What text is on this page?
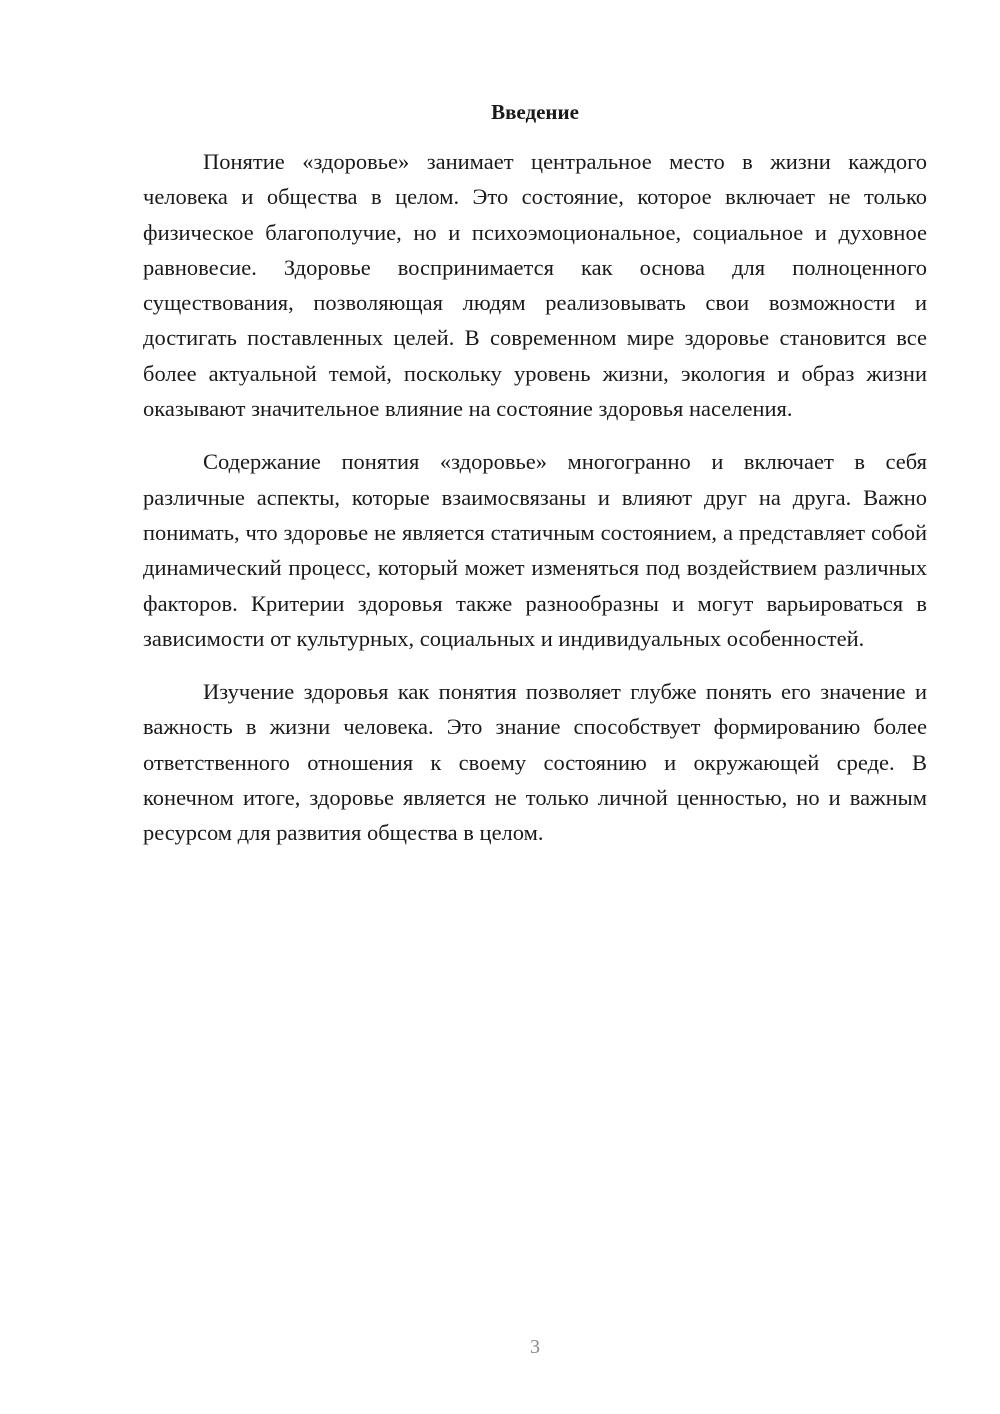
Введение

Понятие «здоровье» занимает центральное место в жизни каждого человека и общества в целом. Это состояние, которое включает не только физическое благополучие, но и психоэмоциональное, социальное и духовное равновесие. Здоровье воспринимается как основа для полноценного существования, позволяющая людям реализовывать свои возможности и достигать поставленных целей. В современном мире здоровье становится все более актуальной темой, поскольку уровень жизни, экология и образ жизни оказывают значительное влияние на состояние здоровья населения.

Содержание понятия «здоровье» многогранно и включает в себя различные аспекты, которые взаимосвязаны и влияют друг на друга. Важно понимать, что здоровье не является статичным состоянием, а представляет собой динамический процесс, который может изменяться под воздействием различных факторов. Критерии здоровья также разнообразны и могут варьироваться в зависимости от культурных, социальных и индивидуальных особенностей.

Изучение здоровья как понятия позволяет глубже понять его значение и важность в жизни человека. Это знание способствует формированию более ответственного отношения к своему состоянию и окружающей среде. В конечном итоге, здоровье является не только личной ценностью, но и важным ресурсом для развития общества в целом.

3
